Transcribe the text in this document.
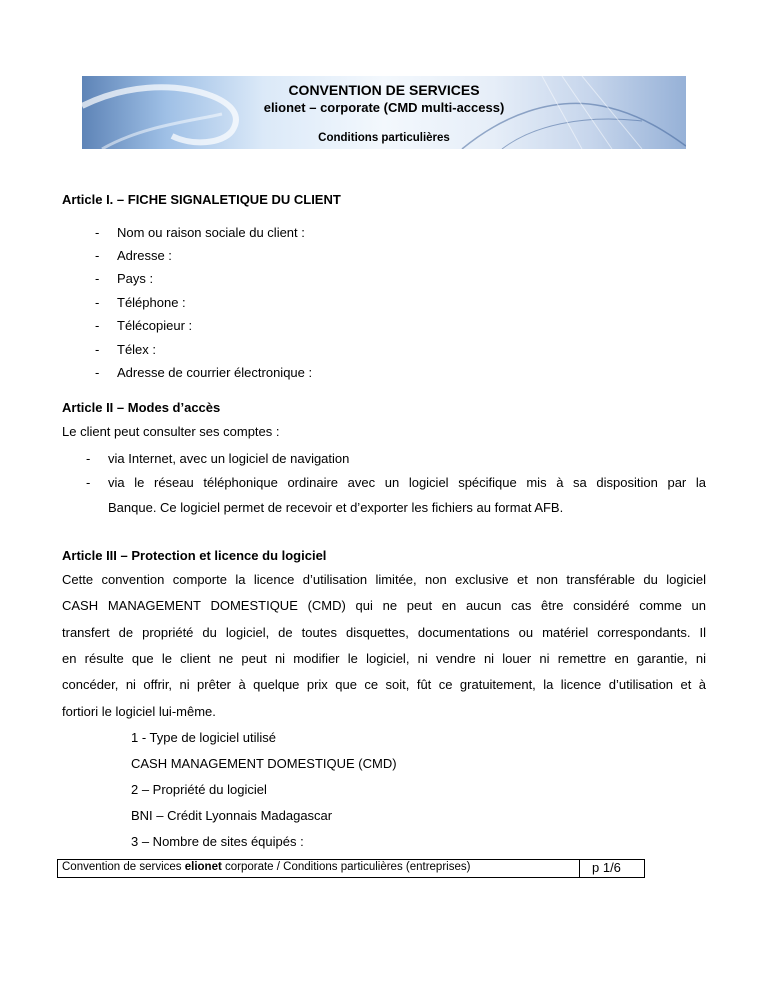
CONVENTION DE SERVICES
elionet – corporate (CMD multi-access)
Conditions particulières
Article I. – FICHE SIGNALETIQUE DU CLIENT
- Nom ou raison sociale du client :
- Adresse :
- Pays :
- Téléphone :
- Télécopieur :
- Télex :
- Adresse de courrier électronique :
Article II – Modes d’accès
Le client peut consulter ses comptes :
- via Internet, avec un logiciel de navigation
- via le réseau téléphonique ordinaire avec un logiciel spécifique mis à sa disposition par la
Banque. Ce logiciel permet de recevoir et d’exporter les fichiers au format AFB.
Article III – Protection et licence du logiciel
Cette convention comporte la licence d’utilisation limitée, non exclusive et non transférable du logiciel
CASH MANAGEMENT DOMESTIQUE (CMD) qui ne peut en aucun cas être considéré comme un
transfert de propriété du logiciel, de toutes disquettes, documentations ou matériel correspondants. Il
en résulte que le client ne peut ni modifier le logiciel, ni vendre ni louer ni remettre en garantie, ni
concéder, ni offrir, ni prêter à quelque prix que ce soit, fût ce gratuitement, la licence d’utilisation et à
fortiori le logiciel lui-même.
1 - Type de logiciel utilisé
CASH MANAGEMENT DOMESTIQUE (CMD)
2 – Propriété du logiciel
BNI – Crédit Lyonnais Madagascar
3 – Nombre de sites équipés :
Convention de services elionet corporate / Conditions particulières (entreprises)	p 1/6
